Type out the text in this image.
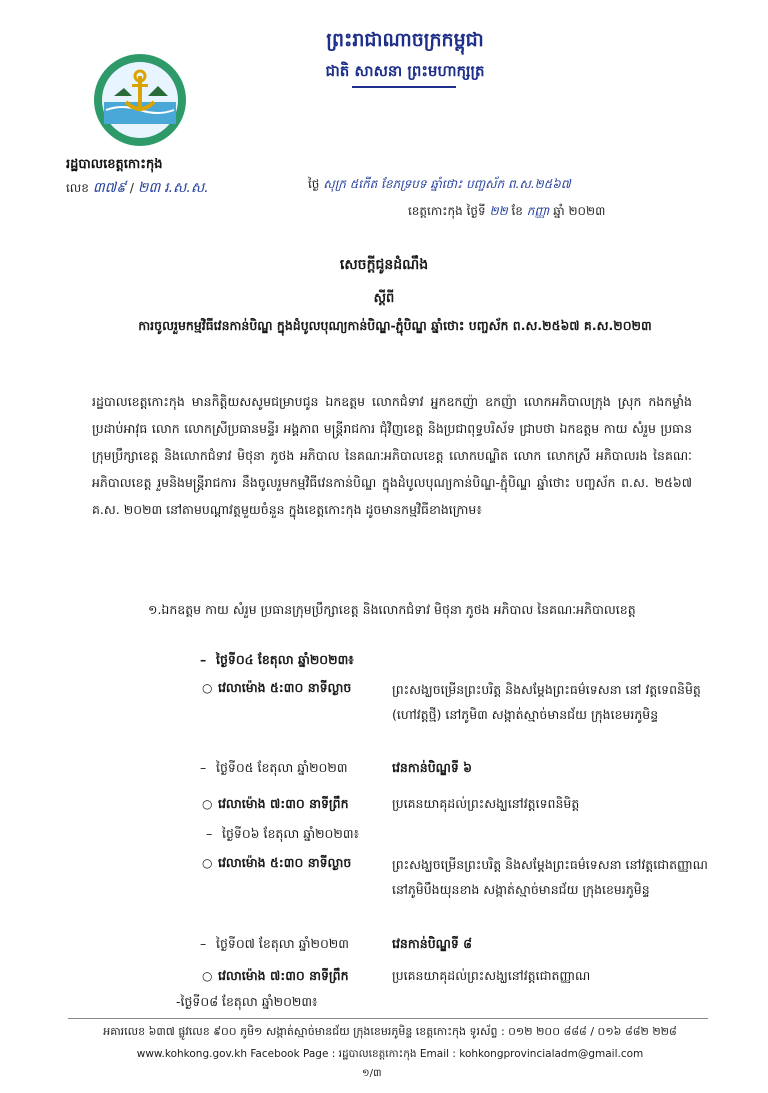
ព្រះរាជាណាចក្រកម្ពុជា
ជាតិ សាសនា ព្រះមហាក្សត្រ
រដ្ឋបាលខេត្តកោះកុង
លេខ ៣៧៩ / ២៣ រ.ស.ស.	ថ្ងៃ សុក្រ ៥កើត ខែភទ្របទ ឆ្នាំថោះ បញ្ចស័ក ព.ស.២៥៦៧
ខេត្តកោះកុង ថ្ងៃទី ២២ ខែ កញ្ញា ឆ្នាំ ២០២៣
សេចក្ដីជូនដំណឹង
ស្ដីពី
ការចូលរួមកម្មវិធីវេនកាន់បិណ្ឌ ក្នុងដំបូលបុណ្យកាន់បិណ្ឌ-ភ្ជុំបិណ្ឌ ឆ្នាំថោះ បញ្ចស័ក ព.ស.២៥៦៧ គ.ស.២០២៣
រដ្ឋបាលខេត្តកោះកុង មានកិត្តិយសសូមជម្រាបជូន ឯកឧត្តម លោកជំទាវ អ្នកឧកញ៉ា ឧកញ៉ា លោកអភិបាលក្រុង ស្រុក កងកម្លាំងប្រដាប់អាវុធ លោក លោកស្រីប្រធានមន្ទីរ អង្គភាព មន្ត្រីរាជការ ជុំវិញខេត្ត និងប្រជាពុទ្ធបរិស័ទ ជ្រាបថា ឯកឧត្តម កាយ សំរួម ប្រធានក្រុមប្រឹក្សាខេត្ត និងលោកជំទាវ មិថុនា ភូថង អភិបាល នៃគណៈអភិបាលខេត្ត លោកបណ្ឌិត លោក លោកស្រី អភិបាលរង នៃគណៈអភិបាលខេត្ត រួមនិងមន្ត្រីរាជការ នឹងចូលរួមកម្មវិធីវេនកាន់បិណ្ឌ ក្នុងដំបូលបុណ្យកាន់បិណ្ឌ-ភ្ជុំបិណ្ឌ ឆ្នាំថោះ បញ្ចស័ក ព.ស. ២៥៦៧ គ.ស. ២០២៣ នៅតាមបណ្ដាវត្តមួយចំនួន ក្នុងខេត្តកោះកុង ដូចមានកម្មវិធីខាងក្រោម៖
១.ឯកឧត្តម កាយ សំរួម ប្រធានក្រុមប្រឹក្សាខេត្ត និងលោកជំទាវ មិថុនា ភូថង អភិបាល នៃគណៈអភិបាលខេត្ត
– ថ្ងៃទី០៤ ខែតុលា ឆ្នាំ២០២៣៖
○ វេលាម៉ោង ៥:៣០ នាទីល្ងាច	ព្រះសង្ឃចម្រើនព្រះបរិត្ត និងសម្ដែងព្រះធម៌ទេសនា នៅ វត្តទេពនិមិត្ត (ហៅវត្តថ្មី) នៅភូមិ៣ សង្កាត់ស្មាច់មានជ័យ ក្រុងខេមរភូមិន្ទ
– ថ្ងៃទី០៥ ខែតុលា ឆ្នាំ២០២៣	វេនកាន់បិណ្ឌទី ៦
○ វេលាម៉ោង ៧:៣០ នាទីព្រឹក	ប្រគេនយាគុដល់ព្រះសង្ឃនៅវត្តទេពនិមិត្ត
– ថ្ងៃទី០៦ ខែតុលា ឆ្នាំ២០២៣៖
○ វេលាម៉ោង ៥:៣០ នាទីល្ងាច	ព្រះសង្ឃចម្រើនព្រះបរិត្ត និងសម្ដែងព្រះធម៌ទេសនា នៅវត្តជោតញ្ញាណ នៅភូមិបឹងយុនខាង សង្កាត់ស្មាច់មានជ័យ ក្រុងខេមរភូមិន្ទ
– ថ្ងៃទី០៧ ខែតុលា ឆ្នាំ២០២៣	វេនកាន់បិណ្ឌទី ៨
○ វេលាម៉ោង ៧:៣០ នាទីព្រឹក	ប្រគេនយាគុដល់ព្រះសង្ឃនៅវត្តជោតញ្ញាណ
-ថ្ងៃទី០៨ ខែតុលា ឆ្នាំ២០២៣៖
អគារលេខ ៦៣៧ ផ្លូវលេខ ៩០០ ភូមិ១ សង្កាត់ស្មាច់មានជ័យ ក្រុងខេមរភូមិន្ទ ខេត្តកោះកុង ទូរស័ព្ទ : ០១២ ២០០ ៨៨៨ / ០១៦ ៨៨២ ២២៨
www.kohkong.gov.kh Facebook Page : រដ្ឋបាលខេត្តកោះកុង Email : kohkongprovincialadm@gmail.com
១/៣
